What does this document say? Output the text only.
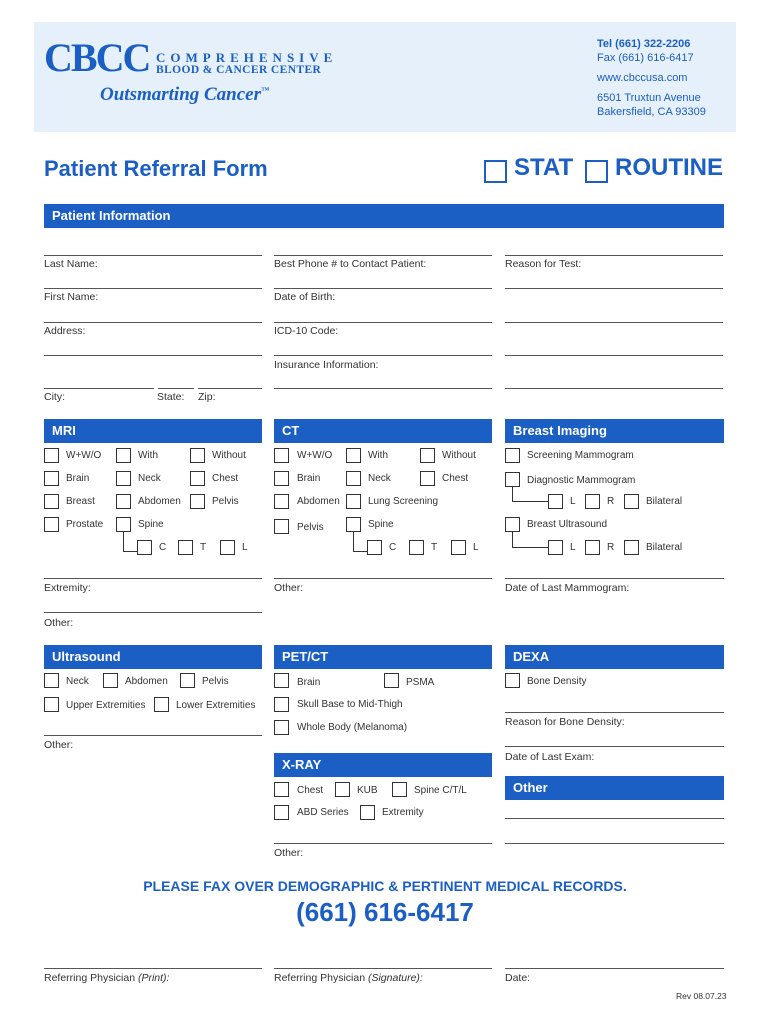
CBCC COMPREHENSIVE
BLOOD & CANCER CENTER
Outsmarting Cancer™
Tel (661) 322-2206
Fax (661) 616-6417
www.cbccusa.com
6501 Truxtun Avenue
Bakersfield, CA 93309
Patient Referral Form	STAT ROUTINE
Patient Information
Last Name:
First Name:
Address:
City:	State: Zip:
Best Phone # to Contact Patient:
Date of Birth:
ICD-10 Code:
Insurance Information:
Reason for Test:
MRI
W+W/O	With	Without
Brain	Neck	Chest
Breast	Abdomen	Pelvis
Prostate	Spine
C	T	L
Extremity:
Other:
CT
W+W/O	With	Without
Brain	Neck	Chest
Abdomen	Lung Screening
Pelvis	Spine
C	T	L
Other:
Breast Imaging
Screening Mammogram
Diagnostic Mammogram
L	R	Bilateral
Breast Ultrasound
L	R	Bilateral
Date of Last Mammogram:
Ultrasound
Neck	Abdomen	Pelvis
Upper Extremities	Lower Extremities
Other:
PET/CT
Brain	PSMA
Skull Base to Mid-Thigh
Whole Body (Melanoma)
X-RAY
Chest	KUB	Spine C/T/L
ABD Series	Extremity
Other:
DEXA
Bone Density
Reason for Bone Density:
Date of Last Exam:
Other
PLEASE FAX OVER DEMOGRAPHIC & PERTINENT MEDICAL RECORDS.
(661) 616-6417
Referring Physician (Print):	Referring Physician (Signature):	Date:
Rev 08.07.23
